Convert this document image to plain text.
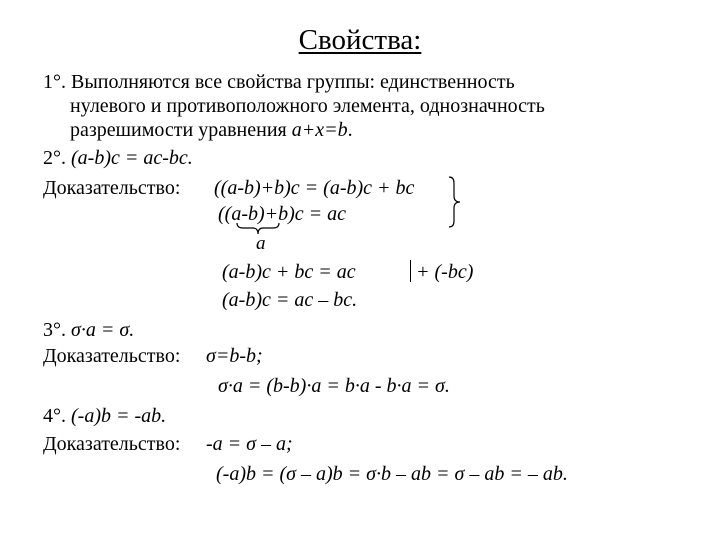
Свойства:
1°. Выполняются все свойства группы: единственность
нулевого и противоположного элемента, однозначность
разрешимости уравнения a+x=b.
2°. (a-b)c = ac-bc.
Доказательство: ((a-b)+b)c = (a-b)c + bc
((a-b)+b)c = ac
a
(a-b)c + bc = ac	+ (-bc)
(a-b)c = ac – bc.
3°. σ·a = σ.
Доказательство: σ=b-b;
σ·a = (b-b)·a = b·a - b·a = σ.
4°. (-a)b = -ab.
Доказательство: -a = σ – a;
(-a)b = (σ – a)b = σ·b – ab = σ – ab = – ab.
